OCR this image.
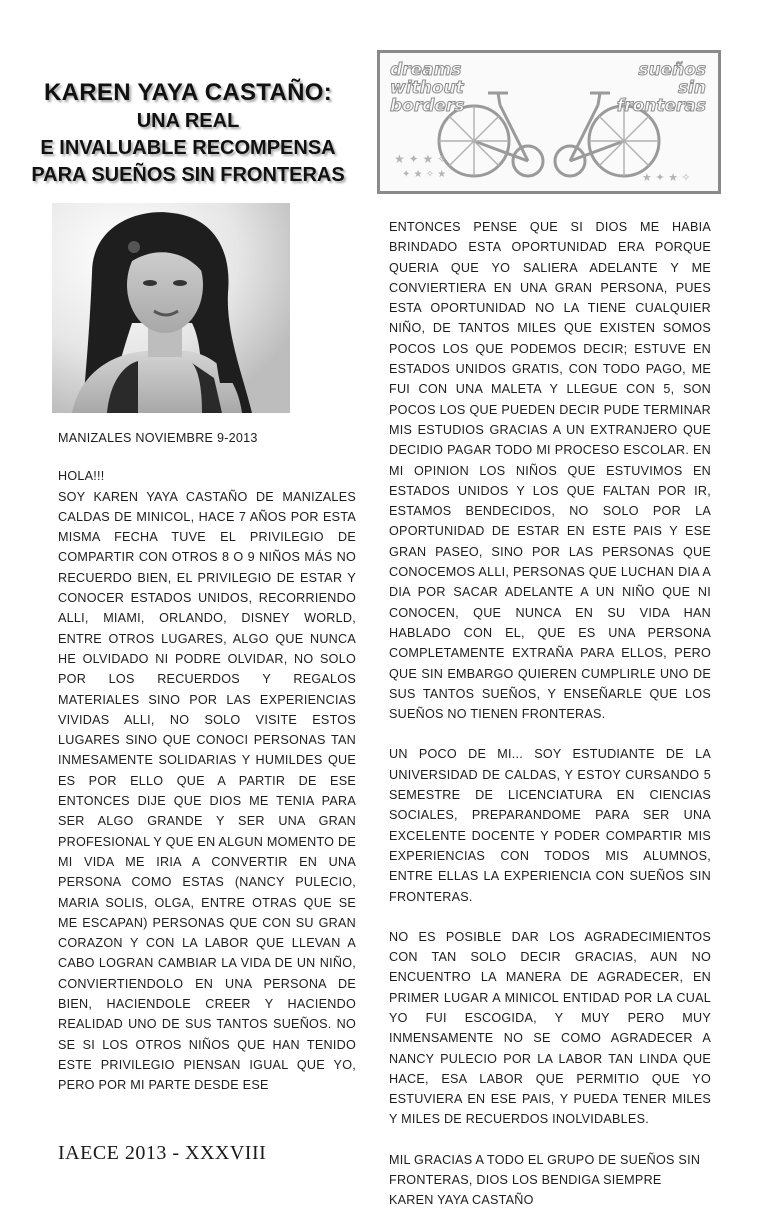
KAREN YAYA CASTAÑO:
UNA REAL
E INVALUABLE RECOMPENSA
PARA SUEÑOS SIN FRONTERAS
★ ✦ ★ ✧
✦ ★ ✧ ★	★ ✦ ★ ✧
dreams
without
borders
sueños
sin
fronteras

MANIZALES NOVIEMBRE 9-2013

HOLA!!!

SOY KAREN YAYA CASTAÑO DE MANIZALES CALDAS DE MINICOL, HACE 7 AÑOS POR ESTA MISMA FECHA TUVE EL PRIVILEGIO DE COMPARTIR CON OTROS 8 O 9 NIÑOS MÁS NO RECUERDO BIEN, EL PRIVILEGIO DE ESTAR Y CONOCER ESTADOS UNIDOS, RECORRIENDO ALLI, MIAMI, ORLANDO, DISNEY WORLD, ENTRE OTROS LUGARES, ALGO QUE NUNCA HE OLVIDADO NI PODRE OLVIDAR, NO SOLO POR LOS RECUERDOS Y REGALOS MATERIALES SINO POR LAS EXPERIENCIAS VIVIDAS ALLI, NO SOLO VISITE ESTOS LUGARES SINO QUE CONOCI PERSONAS TAN INMESAMENTE SOLIDARIAS Y HUMILDES QUE ES POR ELLO QUE A PARTIR DE ESE ENTONCES DIJE QUE DIOS ME TENIA PARA SER ALGO GRANDE Y SER UNA GRAN PROFESIONAL Y QUE EN ALGUN MOMENTO DE MI VIDA ME IRIA A CONVERTIR EN UNA PERSONA COMO ESTAS (NANCY PULECIO, MARIA SOLIS, OLGA, ENTRE OTRAS QUE SE ME ESCAPAN) PERSONAS QUE CON SU GRAN CORAZON Y CON LA LABOR QUE LLEVAN A CABO LOGRAN CAMBIAR LA VIDA DE UN NIÑO, CONVIERTIENDOLO EN UNA PERSONA DE BIEN, HACIENDOLE CREER Y HACIENDO REALIDAD UNO DE SUS TANTOS SUEÑOS. NO SE SI LOS OTROS NIÑOS QUE HAN TENIDO ESTE PRIVILEGIO PIENSAN IGUAL QUE YO, PERO POR MI PARTE DESDE ESE

ENTONCES PENSE QUE SI DIOS ME HABIA BRINDADO ESTA OPORTUNIDAD ERA PORQUE QUERIA QUE YO SALIERA ADELANTE Y ME CONVIERTIERA EN UNA GRAN PERSONA, PUES ESTA OPORTUNIDAD NO LA TIENE CUALQUIER NIÑO, DE TANTOS MILES QUE EXISTEN SOMOS POCOS LOS QUE PODEMOS DECIR; ESTUVE EN ESTADOS UNIDOS GRATIS, CON TODO PAGO, ME FUI CON UNA MALETA Y LLEGUE CON 5, SON POCOS LOS QUE PUEDEN DECIR PUDE TERMINAR MIS ESTUDIOS GRACIAS A UN EXTRANJERO QUE DECIDIO PAGAR TODO MI PROCESO ESCOLAR. EN MI OPINION LOS NIÑOS QUE ESTUVIMOS EN ESTADOS UNIDOS Y LOS QUE FALTAN POR IR, ESTAMOS BENDECIDOS, NO SOLO POR LA OPORTUNIDAD DE ESTAR EN ESTE PAIS Y ESE GRAN PASEO, SINO POR LAS PERSONAS QUE CONOCEMOS ALLI, PERSONAS QUE LUCHAN DIA A DIA POR SACAR ADELANTE A UN NIÑO QUE NI CONOCEN, QUE NUNCA EN SU VIDA HAN HABLADO CON EL, QUE ES UNA PERSONA COMPLETAMENTE EXTRAÑA PARA ELLOS, PERO QUE SIN EMBARGO QUIEREN CUMPLIRLE UNO DE SUS TANTOS SUEÑOS, Y ENSEÑARLE QUE LOS SUEÑOS NO TIENEN FRONTERAS.

UN POCO DE MI... SOY ESTUDIANTE DE LA UNIVERSIDAD DE CALDAS, Y ESTOY CURSANDO 5 SEMESTRE DE LICENCIATURA EN CIENCIAS SOCIALES, PREPARANDOME PARA SER UNA EXCELENTE DOCENTE Y PODER COMPARTIR MIS EXPERIENCIAS CON TODOS MIS ALUMNOS, ENTRE ELLAS LA EXPERIENCIA CON SUEÑOS SIN FRONTERAS.

NO ES POSIBLE DAR LOS AGRADECIMIENTOS CON TAN SOLO DECIR GRACIAS, AUN NO ENCUENTRO LA MANERA DE AGRADECER, EN PRIMER LUGAR A MINICOL ENTIDAD POR LA CUAL YO FUI ESCOGIDA, Y MUY PERO MUY INMENSAMENTE NO SE COMO AGRADECER A NANCY PULECIO POR LA LABOR TAN LINDA QUE HACE, ESA LABOR QUE PERMITIO QUE YO ESTUVIERA EN ESE PAIS, Y PUEDA TENER MILES Y MILES DE RECUERDOS INOLVIDABLES.

MIL GRACIAS A TODO EL GRUPO DE SUEÑOS SIN FRONTERAS, DIOS LOS BENDIGA SIEMPRE

KAREN YAYA CASTAÑO

IAECE 2013 - XXXVIII
